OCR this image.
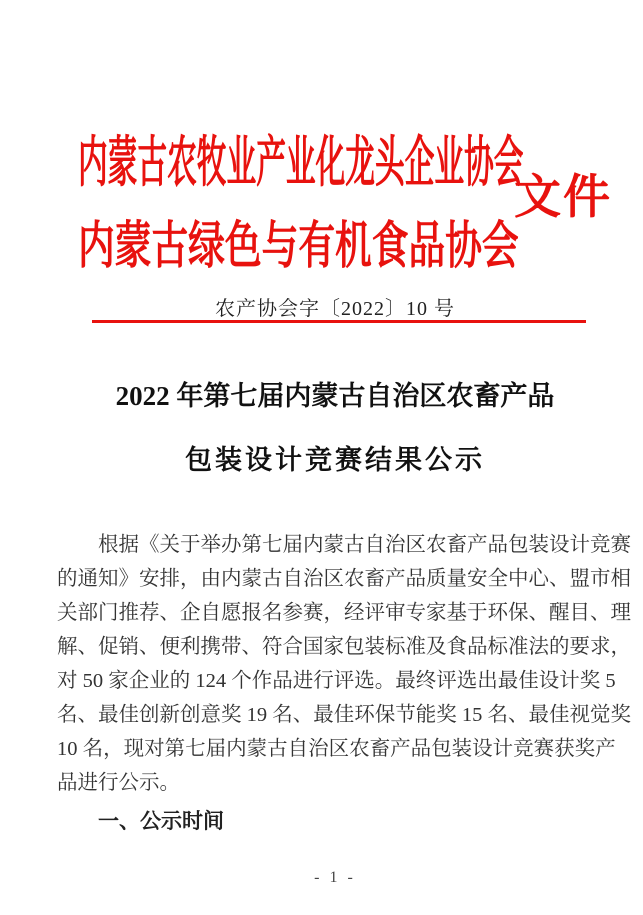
内蒙古农牧业产业化龙头企业协会
内蒙古绿色与有机食品协会
文件
农产协会字〔2022〕10 号
2022 年第七届内蒙古自治区农畜产品
包装设计竞赛结果公示
根据《关于举办第七届内蒙古自治区农畜产品包装设计竞赛
的通知》安排，由内蒙古自治区农畜产品质量安全中心、盟市相
关部门推荐、企自愿报名参赛，经评审专家基于环保、醒目、理
解、促销、便利携带、符合国家包装标准及食品标准法的要求，
对 50 家企业的 124 个作品进行评选。最终评选出最佳设计奖 5
名、最佳创新创意奖 19 名、最佳环保节能奖 15 名、最佳视觉奖
10 名，现对第七届内蒙古自治区农畜产品包装设计竞赛获奖产
品进行公示。
一、公示时间
- 1 -
